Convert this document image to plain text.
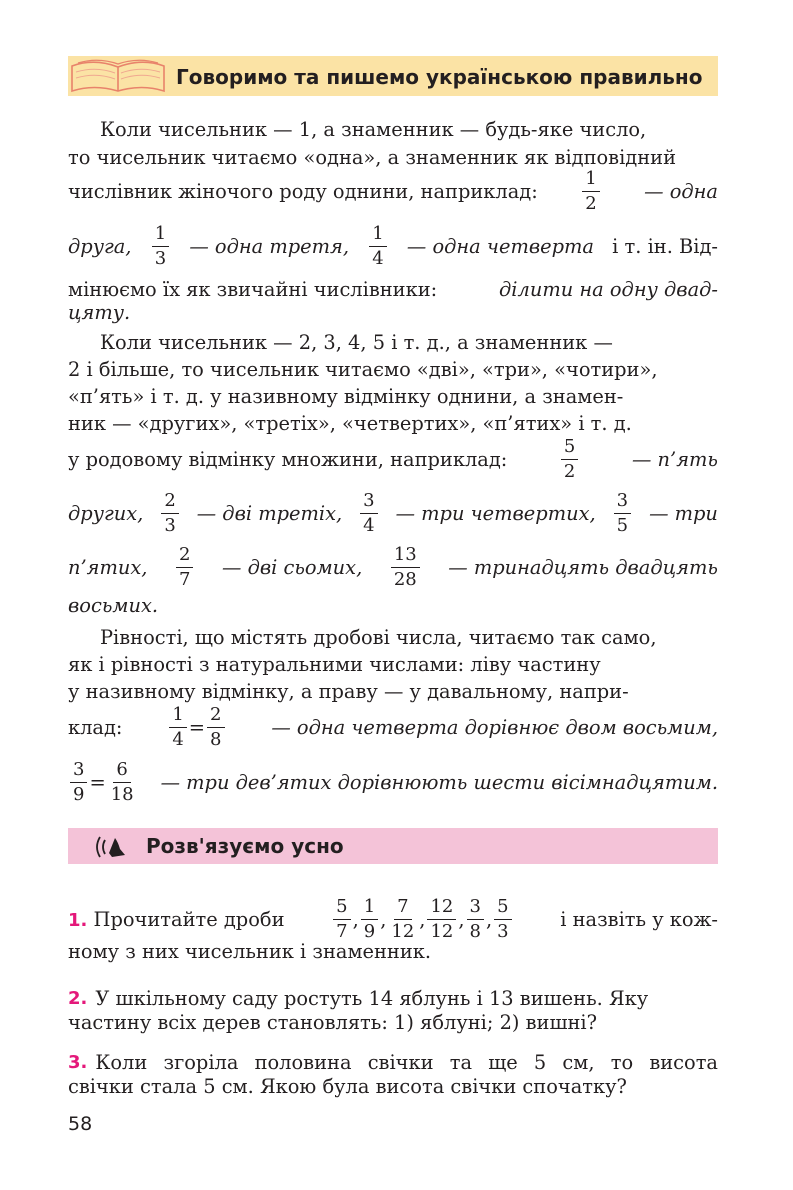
Говоримо та пишемо українською правильно
Коли чисельник — 1, а знаменник — будь-яке число,
то чисельник читаємо «одна», а знаменник як відповідний
числівник жіночого роду однини, наприклад: $\frac{1}{2}$ — одна
друга, $\frac{1}{3}$ — одна третя, $\frac{1}{4}$ — одна четверта і т. ін. Від-
мінюємо їх як звичайні числівники:	ділити на одну двад-
цяту.
Коли чисельник — 2, 3, 4, 5 і т. д., а знаменник —
2 і більше, то чисельник читаємо «дві», «три», «чотири»,
«п’ять» і т. д. у називному відмінку однини, а знамен-
ник — «других», «третіх», «четвертих», «п’ятих» і т. д.
у родовому відмінку множини, наприклад:	$\frac{5}{2}$	— п’ять
других, $\frac{2}{3}$ — дві третіх, $\frac{3}{4}$ — три четвертих, $\frac{3}{5}$ — три
п’ятих, $\frac{2}{7}$ — дві сьомих, $\frac{13}{28}$ — тринадцять двадцять
восьмих.
Рівності, що містять дробові числа, читаємо так само,
як і рівності з натуральними числами: ліву частину
у називному відмінку, а праву — у давальному, напри-
клад:	$\frac{1}{4} = \frac{2}{8}$ — одна четверта дорівнює двом восьмим,
$\frac{3}{9} = \frac{6}{18}$ — три дев’ятих дорівнюють шести вісімнадцятим.
Розв'язуємо усно
1. Прочитайте дроби	$\frac{5}{7}$ , $\frac{1}{9}$ , $\frac{7}{12}$ , $\frac{12}{12}$ , $\frac{3}{8}$ , $\frac{5}{3}$	і назвіть у кож-
ному з них чисельник і знаменник.
2. У шкільному саду ростуть 14 яблунь і 13 вишень. Яку
частину всіх дерев становлять: 1) яблуні; 2) вишні?
3. Коли згоріла половина свічки та ще 5 см, то висота
свічки стала 5 см. Якою була висота свічки спочатку?
58
